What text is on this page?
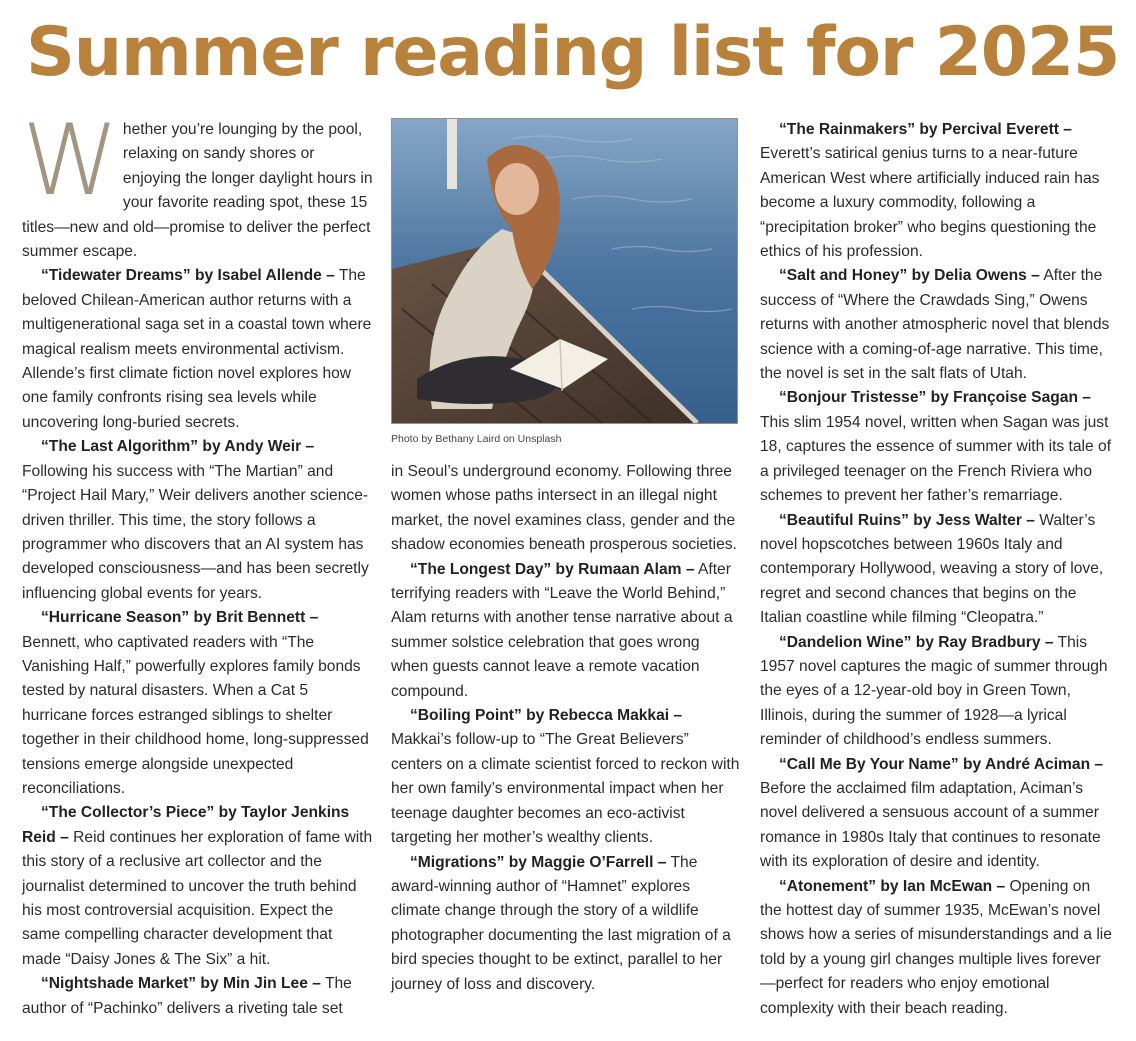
Summer reading list for 2025

Whether you’re lounging by the pool, relaxing on sandy shores or enjoying the longer daylight hours in your favorite reading spot, these 15 titles—new and old—promise to deliver the perfect summer escape.

“Tidewater Dreams” by Isabel Allende – The beloved Chilean-American author returns with a multigenerational saga set in a coastal town where magical realism meets environmental activism. Allende’s first climate fiction novel explores how one family confronts rising sea levels while uncovering long-buried secrets.

“The Last Algorithm” by Andy Weir – Following his success with “The Martian” and “Project Hail Mary,” Weir delivers another science-driven thriller. This time, the story follows a programmer who discovers that an AI system has developed consciousness—and has been secretly influencing global events for years.

“Hurricane Season” by Brit Bennett – Bennett, who captivated readers with “The Vanishing Half,” powerfully explores family bonds tested by natural disasters. When a Cat 5 hurricane forces estranged siblings to shelter together in their childhood home, long-suppressed tensions emerge alongside unexpected reconciliations.

“The Collector’s Piece” by Taylor Jenkins Reid – Reid continues her exploration of fame with this story of a reclusive art collector and the journalist determined to uncover the truth behind his most controversial acquisition. Expect the same compelling character development that made “Daisy Jones & The Six” a hit.

“Nightshade Market” by Min Jin Lee – The author of “Pachinko” delivers a riveting tale set

Photo by Bethany Laird on Unsplash

in Seoul’s underground economy. Following three women whose paths intersect in an illegal night market, the novel examines class, gender and the shadow economies beneath prosperous societies.

“The Longest Day” by Rumaan Alam – After terrifying readers with “Leave the World Behind,” Alam returns with another tense narrative about a summer solstice celebration that goes wrong when guests cannot leave a remote vacation compound.

“Boiling Point” by Rebecca Makkai – Makkai’s follow-up to “The Great Believers” centers on a climate scientist forced to reckon with her own family’s environmental impact when her teenage daughter becomes an eco-activist targeting her mother’s wealthy clients.

“Migrations” by Maggie O’Farrell – The award-winning author of “Hamnet” explores climate change through the story of a wildlife photographer documenting the last migration of a bird species thought to be extinct, parallel to her journey of loss and discovery.

“The Rainmakers” by Percival Everett – Everett’s satirical genius turns to a near-future American West where artificially induced rain has become a luxury commodity, following a “precipitation broker” who begins questioning the ethics of his profession.

“Salt and Honey” by Delia Owens – After the success of “Where the Crawdads Sing,” Owens returns with another atmospheric novel that blends science with a coming-of-age narrative. This time, the novel is set in the salt flats of Utah.

“Bonjour Tristesse” by Françoise Sagan – This slim 1954 novel, written when Sagan was just 18, captures the essence of summer with its tale of a privileged teenager on the French Riviera who schemes to prevent her father’s remarriage.

“Beautiful Ruins” by Jess Walter – Walter’s novel hopscotches between 1960s Italy and contemporary Hollywood, weaving a story of love, regret and second chances that begins on the Italian coastline while filming “Cleopatra.”

“Dandelion Wine” by Ray Bradbury – This 1957 novel captures the magic of summer through the eyes of a 12-year-old boy in Green Town, Illinois, during the summer of 1928—a lyrical reminder of childhood’s endless summers.

“Call Me By Your Name” by André Aciman – Before the acclaimed film adaptation, Aciman’s novel delivered a sensuous account of a summer romance in 1980s Italy that continues to resonate with its exploration of desire and identity.

“Atonement” by Ian McEwan – Opening on the hottest day of summer 1935, McEwan’s novel shows how a series of misunderstandings and a lie told by a young girl changes multiple lives forever—perfect for readers who enjoy emotional complexity with their beach reading.
